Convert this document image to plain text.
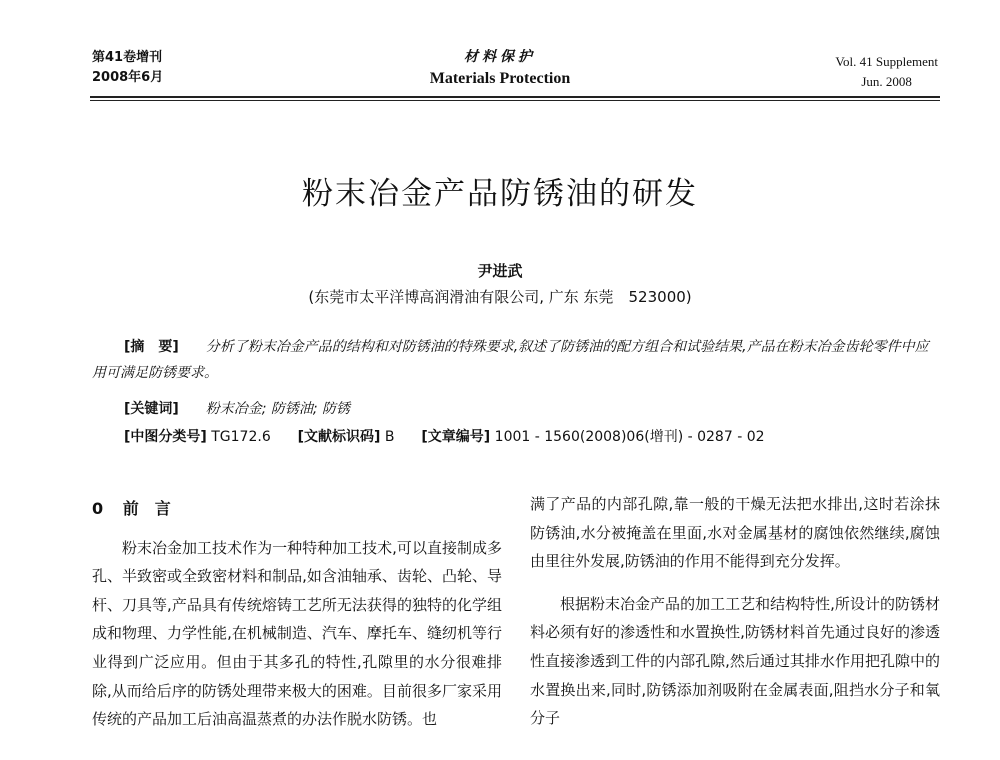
第41卷增刊
2008年6月
材料保护
Materials Protection
Vol. 41 Supplement
Jun. 2008
粉末冶金产品防锈油的研发
尹进武
(东莞市太平洋博高润滑油有限公司, 广东 东莞　523000)
[摘　要] 分析了粉末冶金产品的结构和对防锈油的特殊要求,叙述了防锈油的配方组合和试验结果,产品在粉末冶金齿轮零件中应用可满足防锈要求。
[关键词] 粉末冶金; 防锈油; 防锈
[中图分类号] TG172.6 [文献标识码] B [文章编号] 1001 - 1560(2008)06(增刊) - 0287 - 02
0 前　言

粉末冶金加工技术作为一种特种加工技术,可以直接制成多孔、半致密或全致密材料和制品,如含油轴承、齿轮、凸轮、导杆、刀具等,产品具有传统熔铸工艺所无法获得的独特的化学组成和物理、力学性能,在机械制造、汽车、摩托车、缝纫机等行业得到广泛应用。但由于其多孔的特性,孔隙里的水分很难排除,从而给后序的防锈处理带来极大的困难。目前很多厂家采用传统的产品加工后油高温蒸煮的办法作脱水防锈。也

满了产品的内部孔隙,靠一般的干燥无法把水排出,这时若涂抹防锈油,水分被掩盖在里面,水对金属基材的腐蚀依然继续,腐蚀由里往外发展,防锈油的作用不能得到充分发挥。

根据粉末冶金产品的加工工艺和结构特性,所设计的防锈材料必须有好的渗透性和水置换性,防锈材料首先通过良好的渗透性直接渗透到工件的内部孔隙,然后通过其排水作用把孔隙中的水置换出来,同时,防锈添加剂吸附在金属表面,阻挡水分子和氧分子
